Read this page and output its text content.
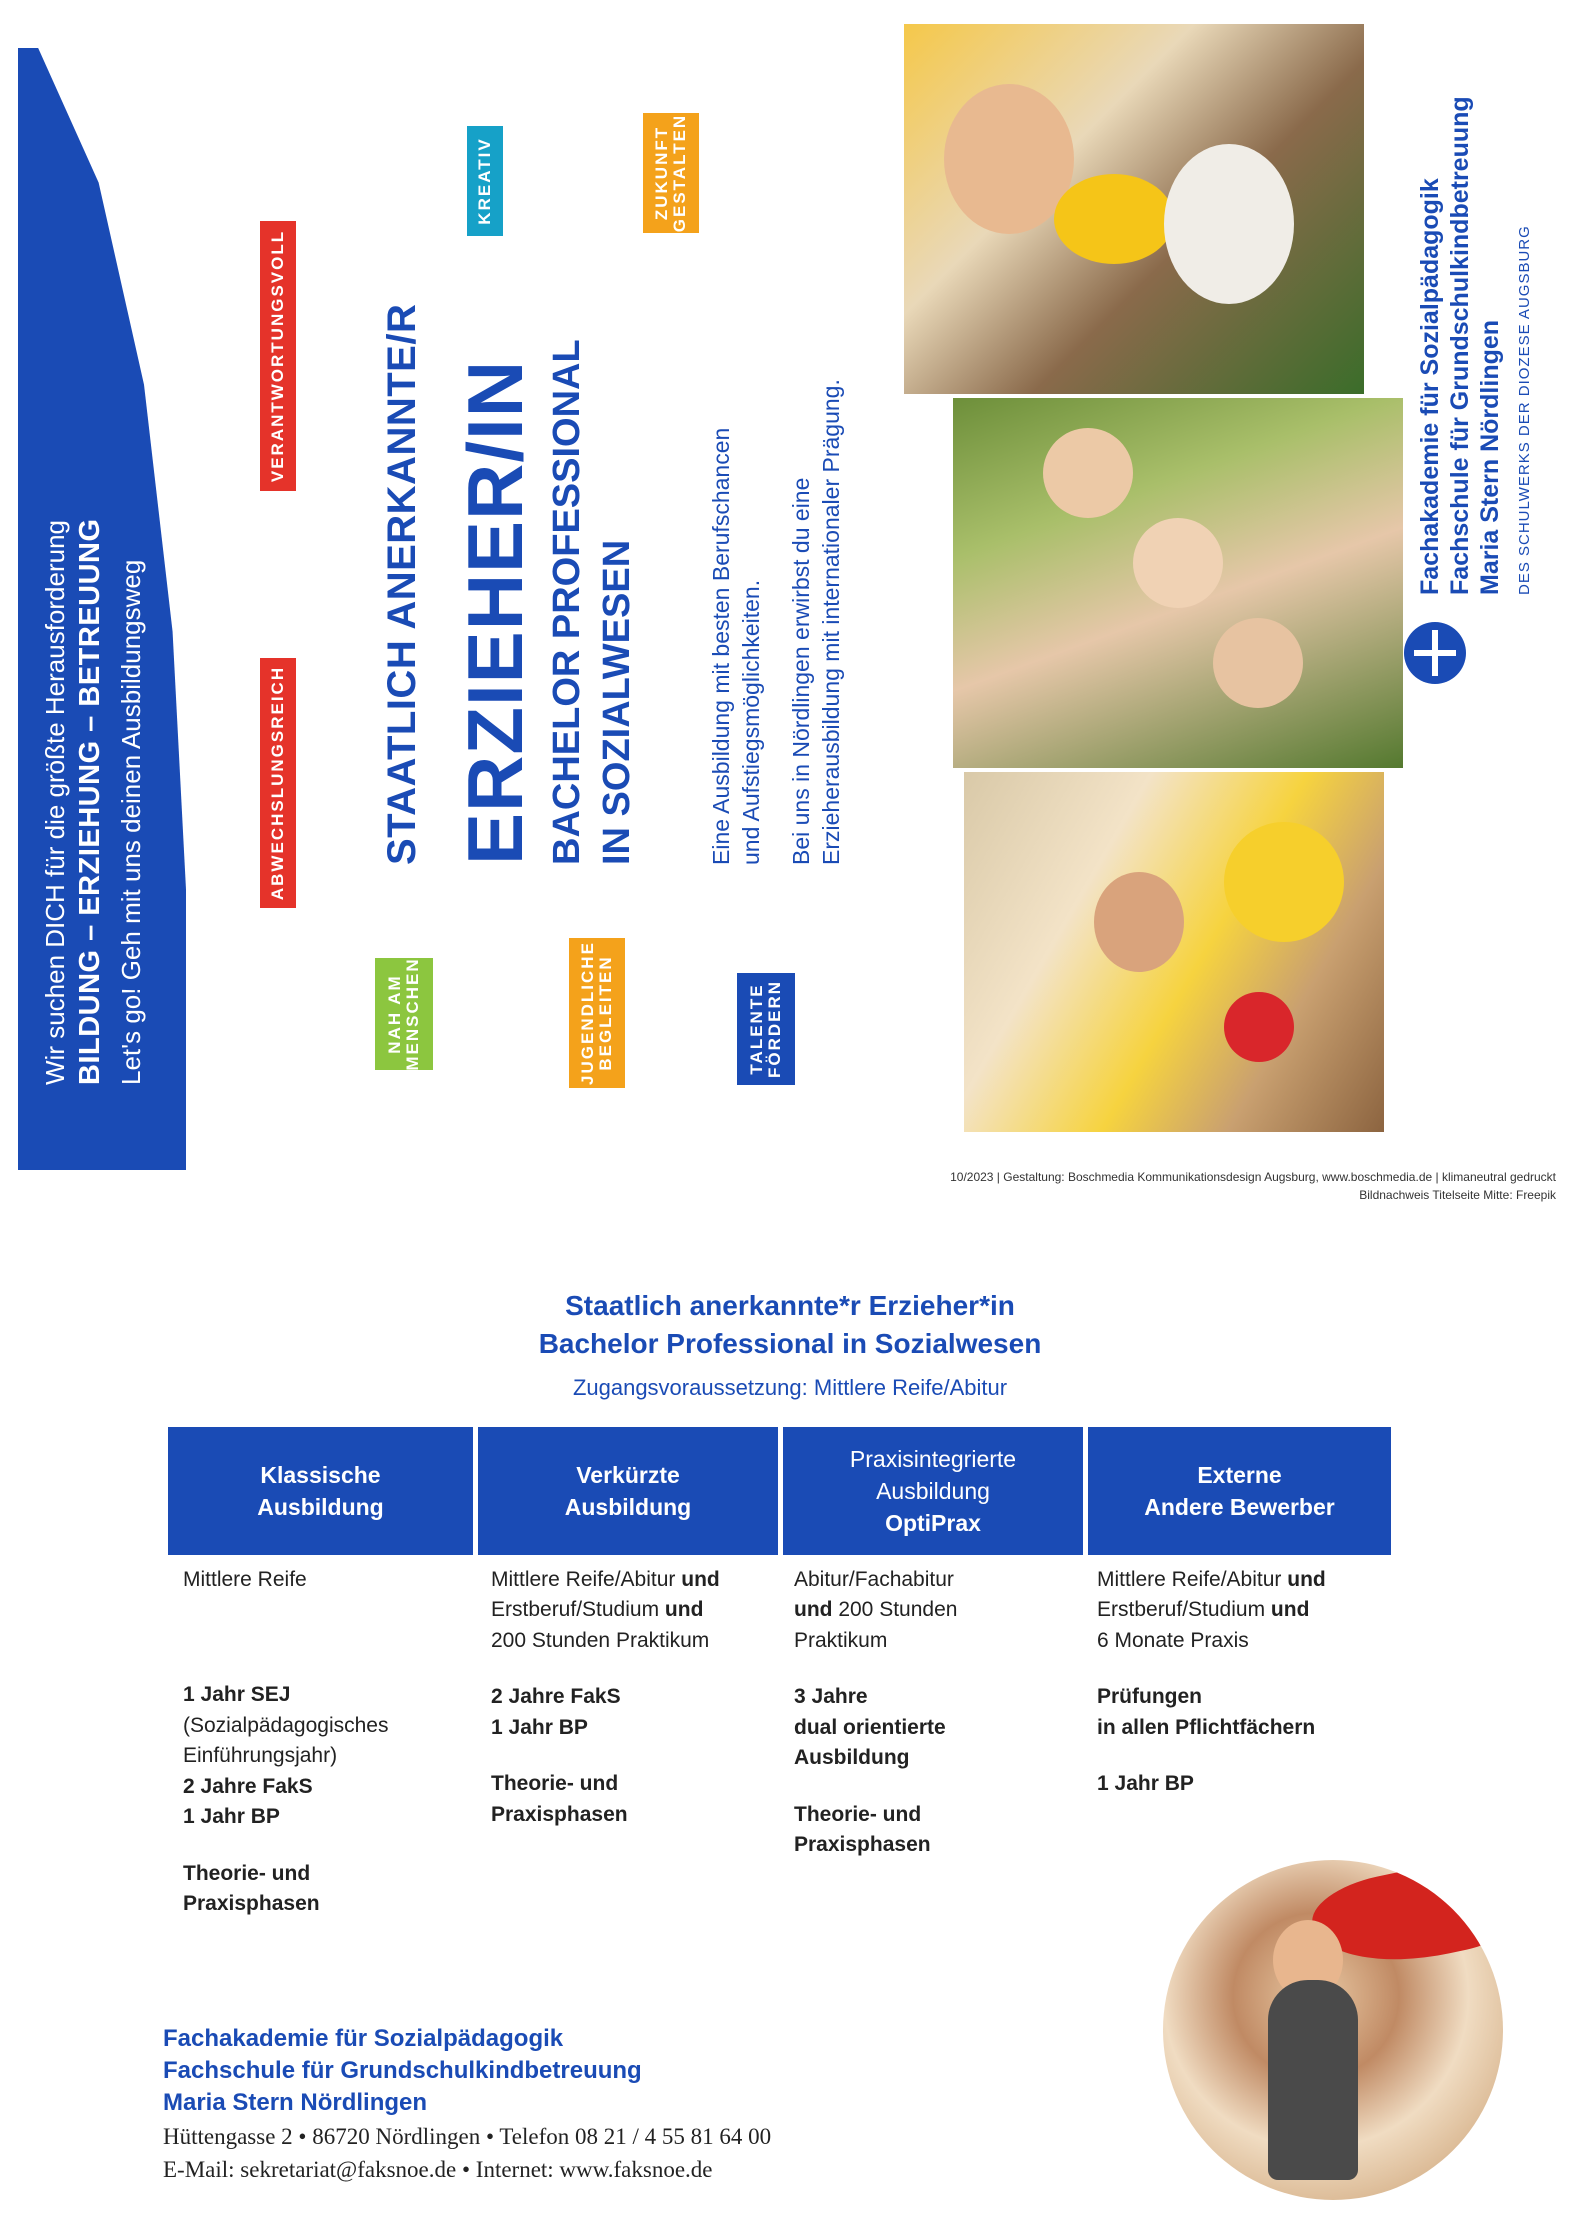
Wir suchen DICH für die größte Herausforderung BILDUNG – ERZIEHUNG – BETREUUNG Let's go! Geh mit uns deinen Ausbildungsweg
VERANTWORTUNGSVOLL
ABWECHSLUNGSREICH
NAH AM
MENSCHEN
KREATIV
JUGENDLICHE
BEGLEITEN
ZUKUNFT
GESTALTEN
TALENTE
FÖRDERN
STAATLICH ANERKANNTE/R ERZIEHER/IN BACHELOR PROFESSIONAL IN SOZIALWESEN	Eine Ausbildung mit besten Berufschancen und Aufstiegsmöglichkeiten. Bei uns in Nördlingen erwirbst du eine Erzieherausbildung mit internationaler Prägung.	Fachakademie für Sozialpädagogik Fachschule für Grundschulkindbetreuung Maria Stern Nördlingen DES SCHULWERKS DER DIOZESE AUGSBURG
10/2023 | Gestaltung: Boschmedia Kommunikationsdesign Augsburg, www.boschmedia.de | klimaneutral gedruckt
Bildnachweis Titelseite Mitte: Freepik
Staatlich anerkannte*r Erzieher*in
Bachelor Professional in Sozialwesen
Zugangsvoraussetzung: Mittlere Reife/Abitur
Klassische
Ausbildung
Verkürzte
Ausbildung
Praxisintegrierte
Ausbildung
OptiPrax
Externe
Andere Bewerber
Mittlere Reife
1 Jahr SEJ
(Sozialpädagogisches
Einführungsjahr)
2 Jahre FakS
1 Jahr BP
Theorie- und
Praxisphasen
Mittlere Reife/Abitur und
Erstberuf/Studium und
200 Stunden Praktikum
2 Jahre FakS
1 Jahr BP
Theorie- und
Praxisphasen
Abitur/Fachabitur
und 200 Stunden
Praktikum
3 Jahre
dual orientierte
Ausbildung
Theorie- und
Praxisphasen
Mittlere Reife/Abitur und
Erstberuf/Studium und
6 Monate Praxis
Prüfungen
in allen Pflichtfächern
1 Jahr BP
Fachakademie für Sozialpädagogik
Fachschule für Grundschulkindbetreuung
Maria Stern Nördlingen
Hüttengasse 2 • 86720 Nördlingen • Telefon 08 21 / 4 55 81 64 00
E-Mail: sekretariat@faksnoe.de • Internet: www.faksnoe.de
